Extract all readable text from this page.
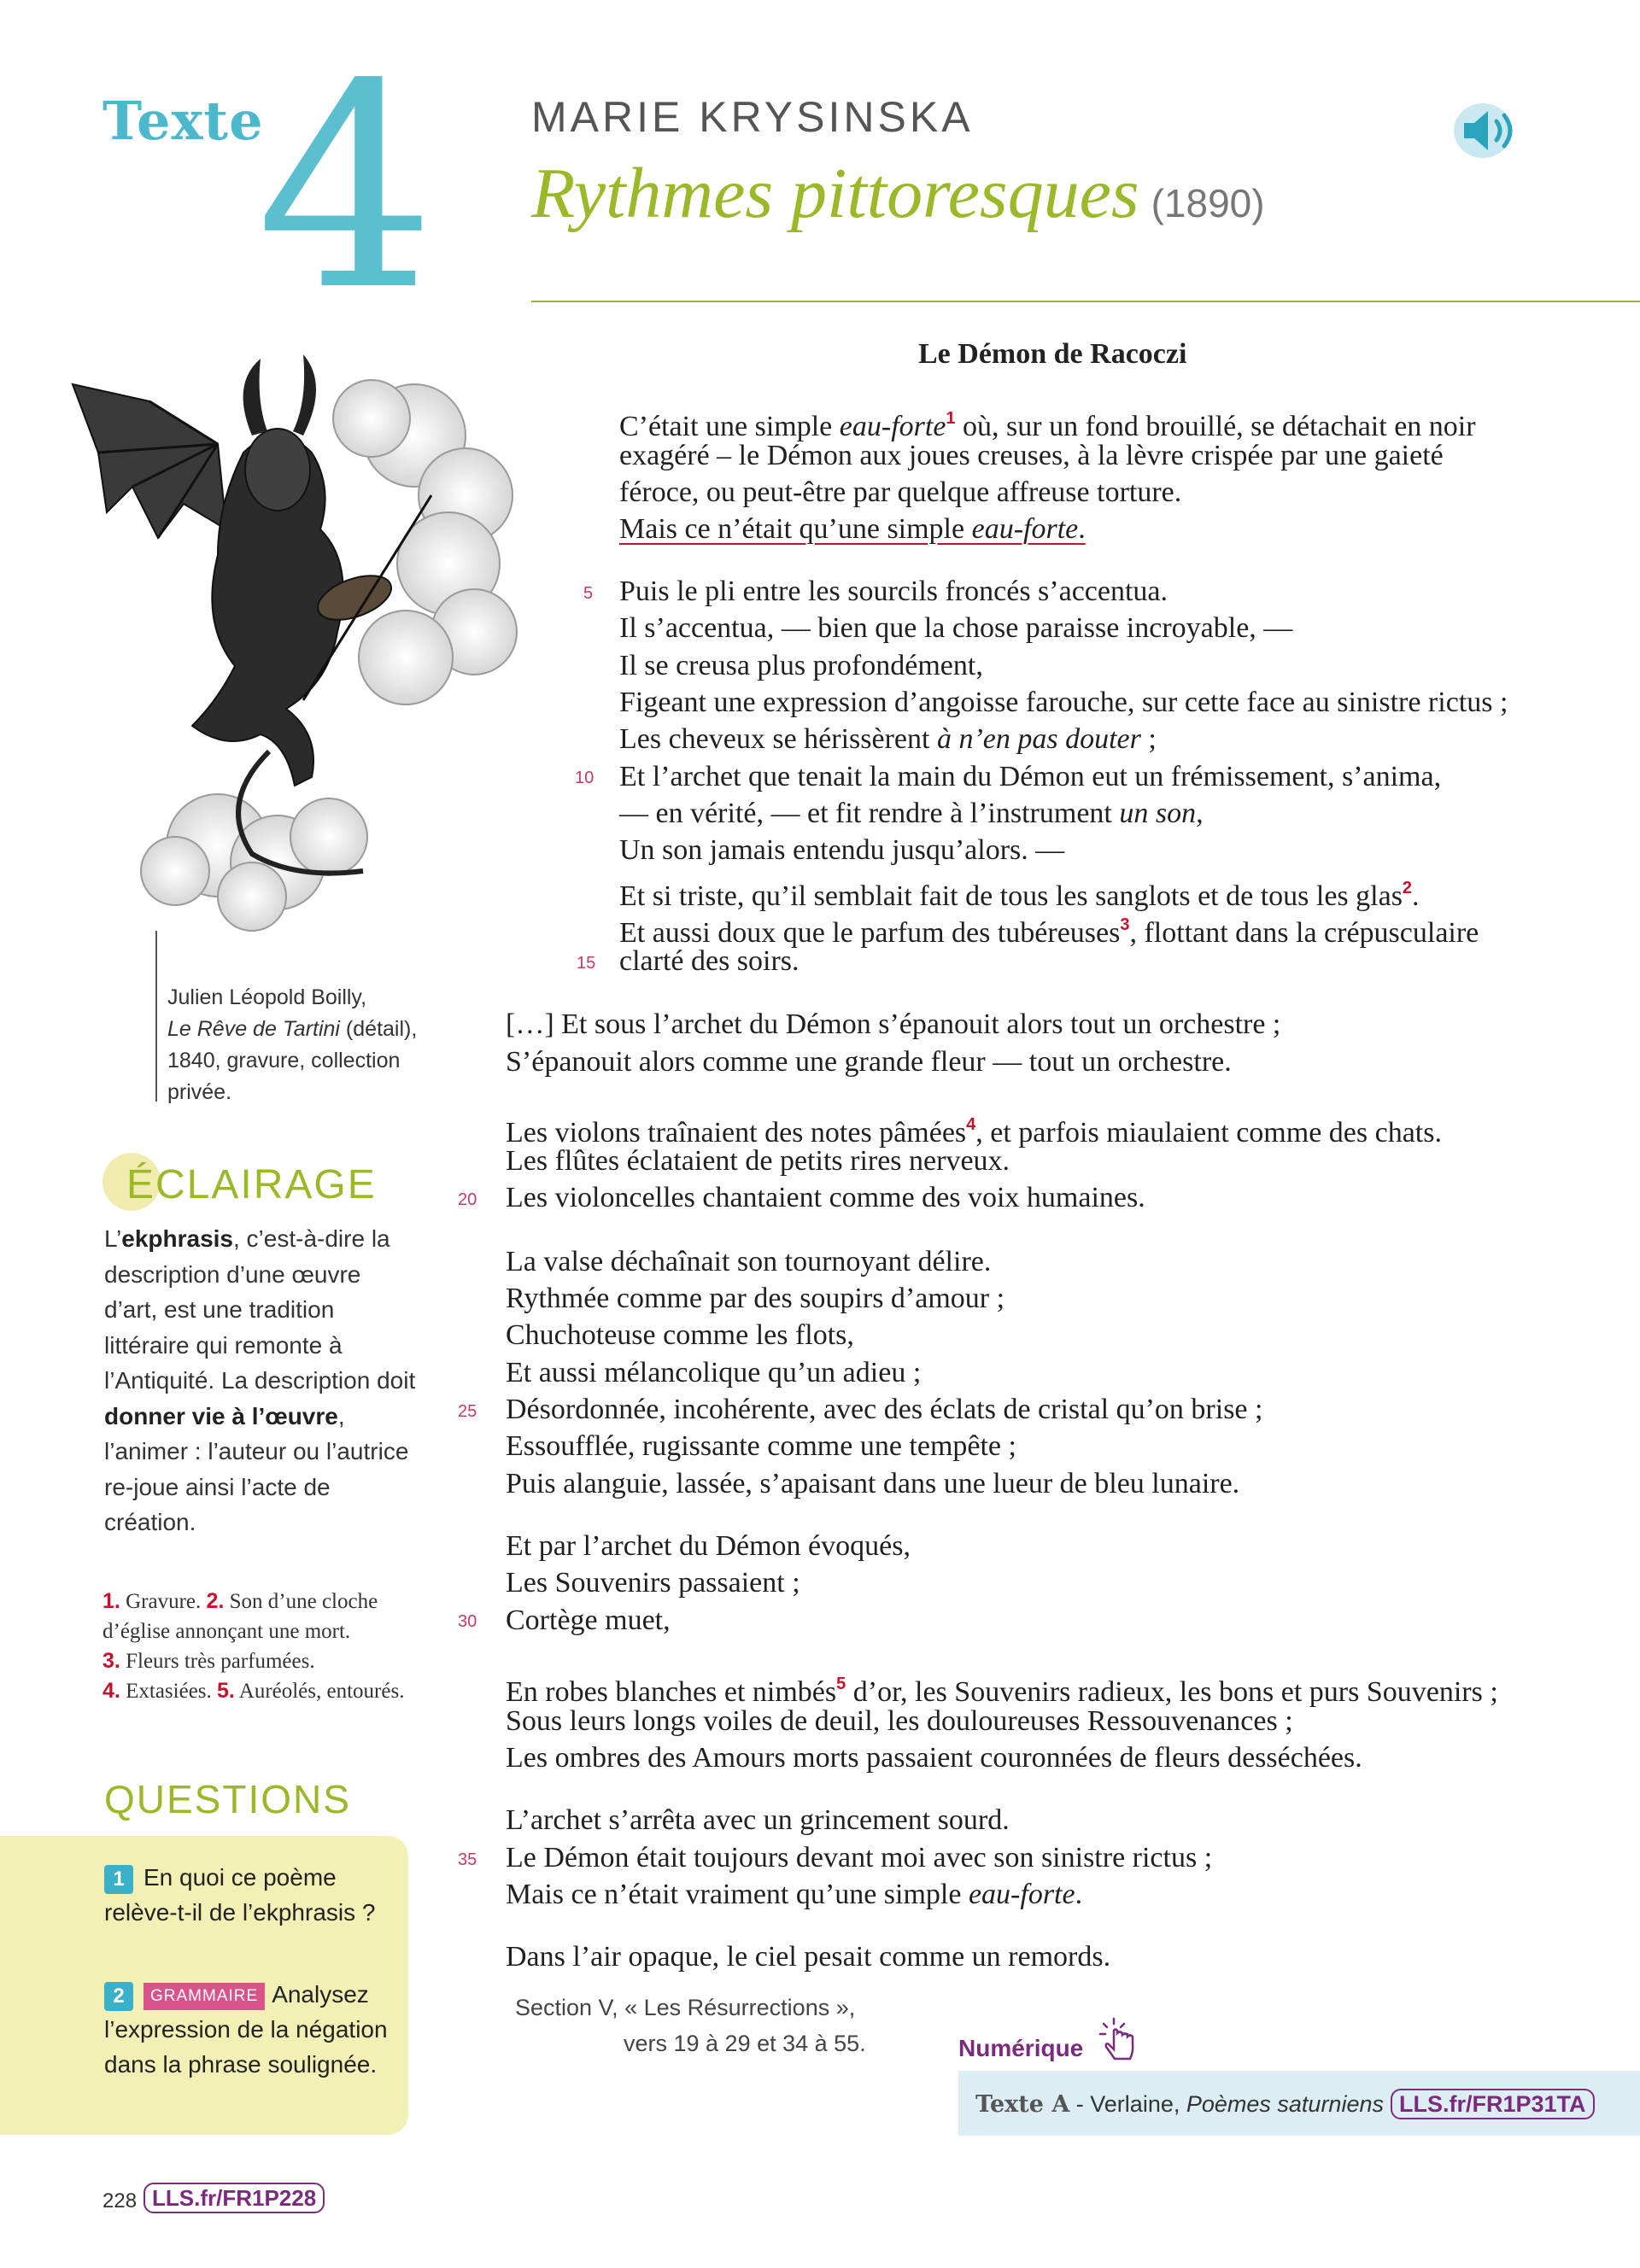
Texte
4 MARIE KRYSINSKA
Rythmes pittoresques (1890)
Julien Léopold Boilly,
Le Rêve de Tartini (détail), 1840, gravure, collection privée.
ÉCLAIRAGE
L’ekphrasis, c’est-à-dire la description d’une œuvre d’art, est une tradition littéraire qui remonte à l’Antiquité. La description doit donner vie à l’œuvre, l’animer : l’auteur ou l’autrice re-joue ainsi l’acte de création.
1. Gravure. 2. Son d’une cloche d’église annonçant une mort.
3. Fleurs très parfumées.
4. Extasiées. 5. Auréolés, entourés.
QUESTIONS
1 En quoi ce poème relève-t-il de l’ekphrasis ?
2 GRAMMAIRE Analysez l’expression de la négation dans la phrase soulignée.
Le Démon de Racoczi
C’était une simple eau-forte$^1$ où, sur un fond brouillé, se détachait en noir
exagéré – le Démon aux joues creuses, à la lèvre crispée par une gaieté
féroce, ou peut-être par quelque affreuse torture.
Mais ce n’était qu’une simple eau-forte.
5 Puis le pli entre les sourcils froncés s’accentua.
Il s’accentua, — bien que la chose paraisse incroyable, —
Il se creusa plus profondément,
Figeant une expression d’angoisse farouche, sur cette face au sinistre rictus ;
Les cheveux se hérissèrent à n’en pas douter ;
10 Et l’archet que tenait la main du Démon eut un frémissement, s’anima,
— en vérité, — et fit rendre à l’instrument un son,
Un son jamais entendu jusqu’alors. —
Et si triste, qu’il semblait fait de tous les sanglots et de tous les glas$^2$.
Et aussi doux que le parfum des tubéreuses$^3$, flottant dans la crépusculaire
15 clarté des soirs.
[…] Et sous l’archet du Démon s’épanouit alors tout un orchestre ;
S’épanouit alors comme une grande fleur — tout un orchestre.
Les violons traînaient des notes pâmées$^4$, et parfois miaulaient comme des chats.
Les flûtes éclataient de petits rires nerveux.
20 Les violoncelles chantaient comme des voix humaines.
La valse déchaînait son tournoyant délire.
Rythmée comme par des soupirs d’amour ;
Chuchoteuse comme les flots,
Et aussi mélancolique qu’un adieu ;
25 Désordonnée, incohérente, avec des éclats de cristal qu’on brise ;
Essoufflée, rugissante comme une tempête ;
Puis alanguie, lassée, s’apaisant dans une lueur de bleu lunaire.
Et par l’archet du Démon évoqués,
Les Souvenirs passaient ;
30 Cortège muet,
En robes blanches et nimbés$^5$ d’or, les Souvenirs radieux, les bons et purs Souvenirs ;
Sous leurs longs voiles de deuil, les douloureuses Ressouvenances ;
Les ombres des Amours morts passaient couronnées de fleurs desséchées.
L’archet s’arrêta avec un grincement sourd.
35 Le Démon était toujours devant moi avec son sinistre rictus ;
Mais ce n’était vraiment qu’une simple eau-forte.
Dans l’air opaque, le ciel pesait comme un remords.
Section V, « Les Résurrections »,
vers 19 à 29 et 34 à 55.	Numérique
Texte A - Verlaine, Poèmes saturniens LLS.fr/FR1P31TA
228 LLS.fr/FR1P228
